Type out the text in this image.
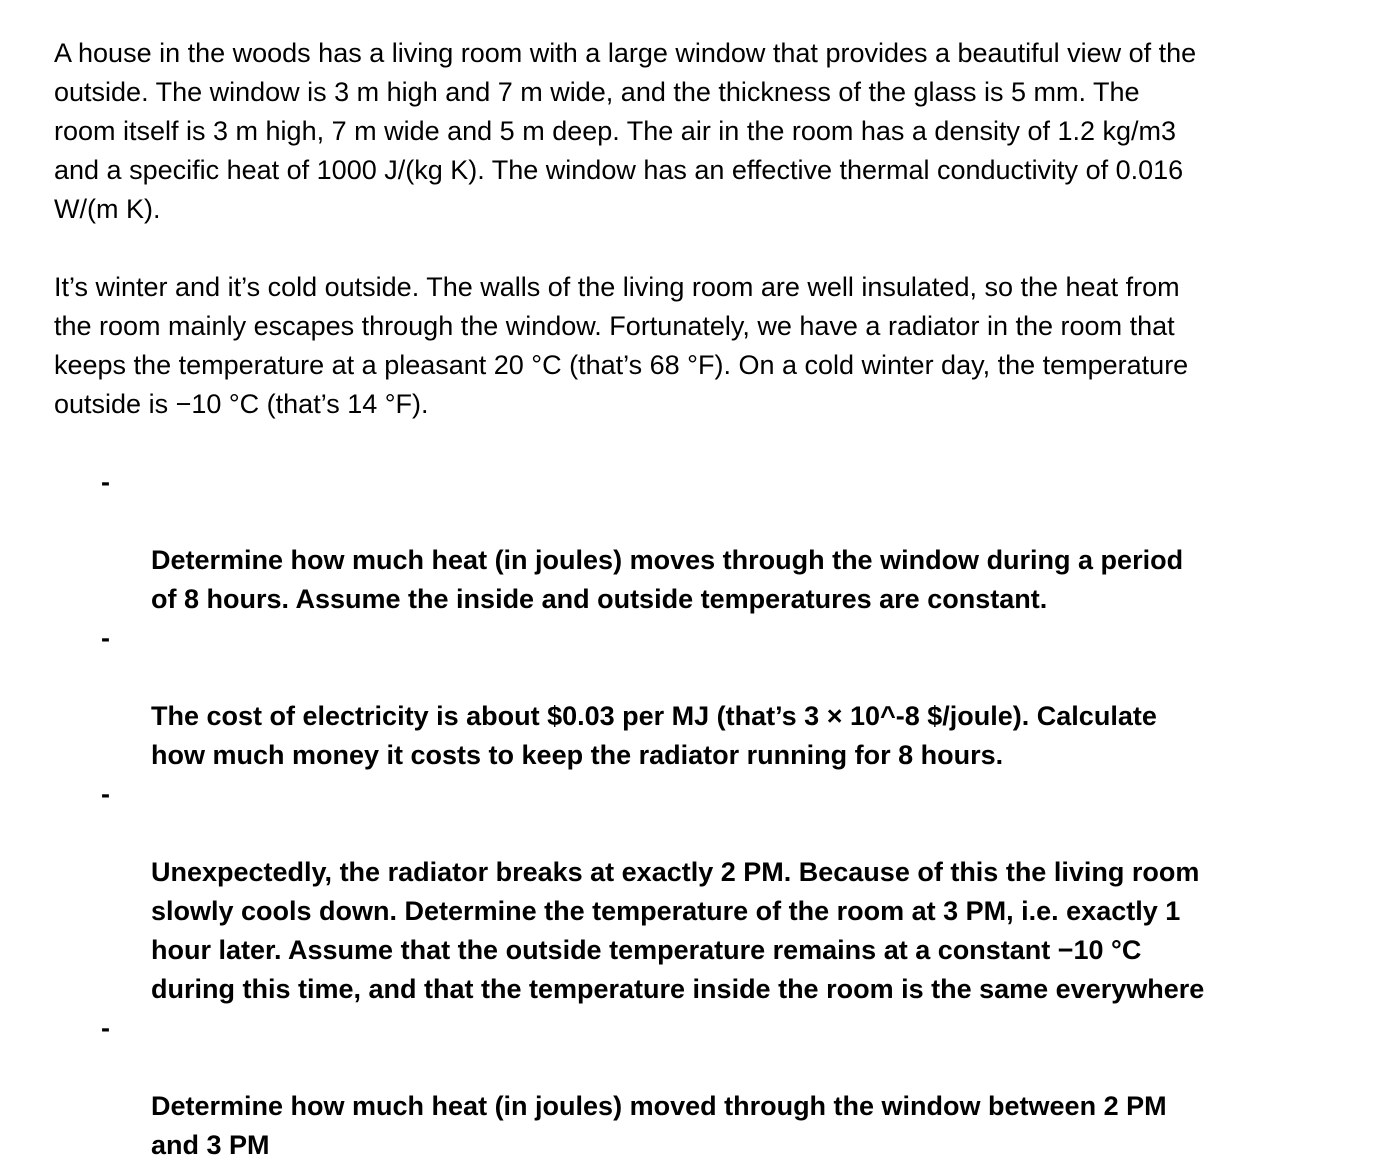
A house in the woods has a living room with a large window that provides a beautiful view of the
outside. The window is 3 m high and 7 m wide, and the thickness of the glass is 5 mm. The
room itself is 3 m high, 7 m wide and 5 m deep. The air in the room has a density of 1.2 kg/m3
and a specific heat of 1000 J/(kg K). The window has an effective thermal conductivity of 0.016
W/(m K).

It’s winter and it’s cold outside. The walls of the living room are well insulated, so the heat from
the room mainly escapes through the window. Fortunately, we have a radiator in the room that
keeps the temperature at a pleasant 20 °C (that’s 68 °F). On a cold winter day, the temperature
outside is −10 °C (that’s 14 °F).

-

Determine how much heat (in joules) moves through the window during a period
of 8 hours. Assume the inside and outside temperatures are constant.

-

The cost of electricity is about $0.03 per MJ (that’s 3 × 10^-8 $/joule). Calculate
how much money it costs to keep the radiator running for 8 hours.

-

Unexpectedly, the radiator breaks at exactly 2 PM. Because of this the living room
slowly cools down. Determine the temperature of the room at 3 PM, i.e. exactly 1
hour later. Assume that the outside temperature remains at a constant −10 °C
during this time, and that the temperature inside the room is the same everywhere

-

Determine how much heat (in joules) moved through the window between 2 PM
and 3 PM
